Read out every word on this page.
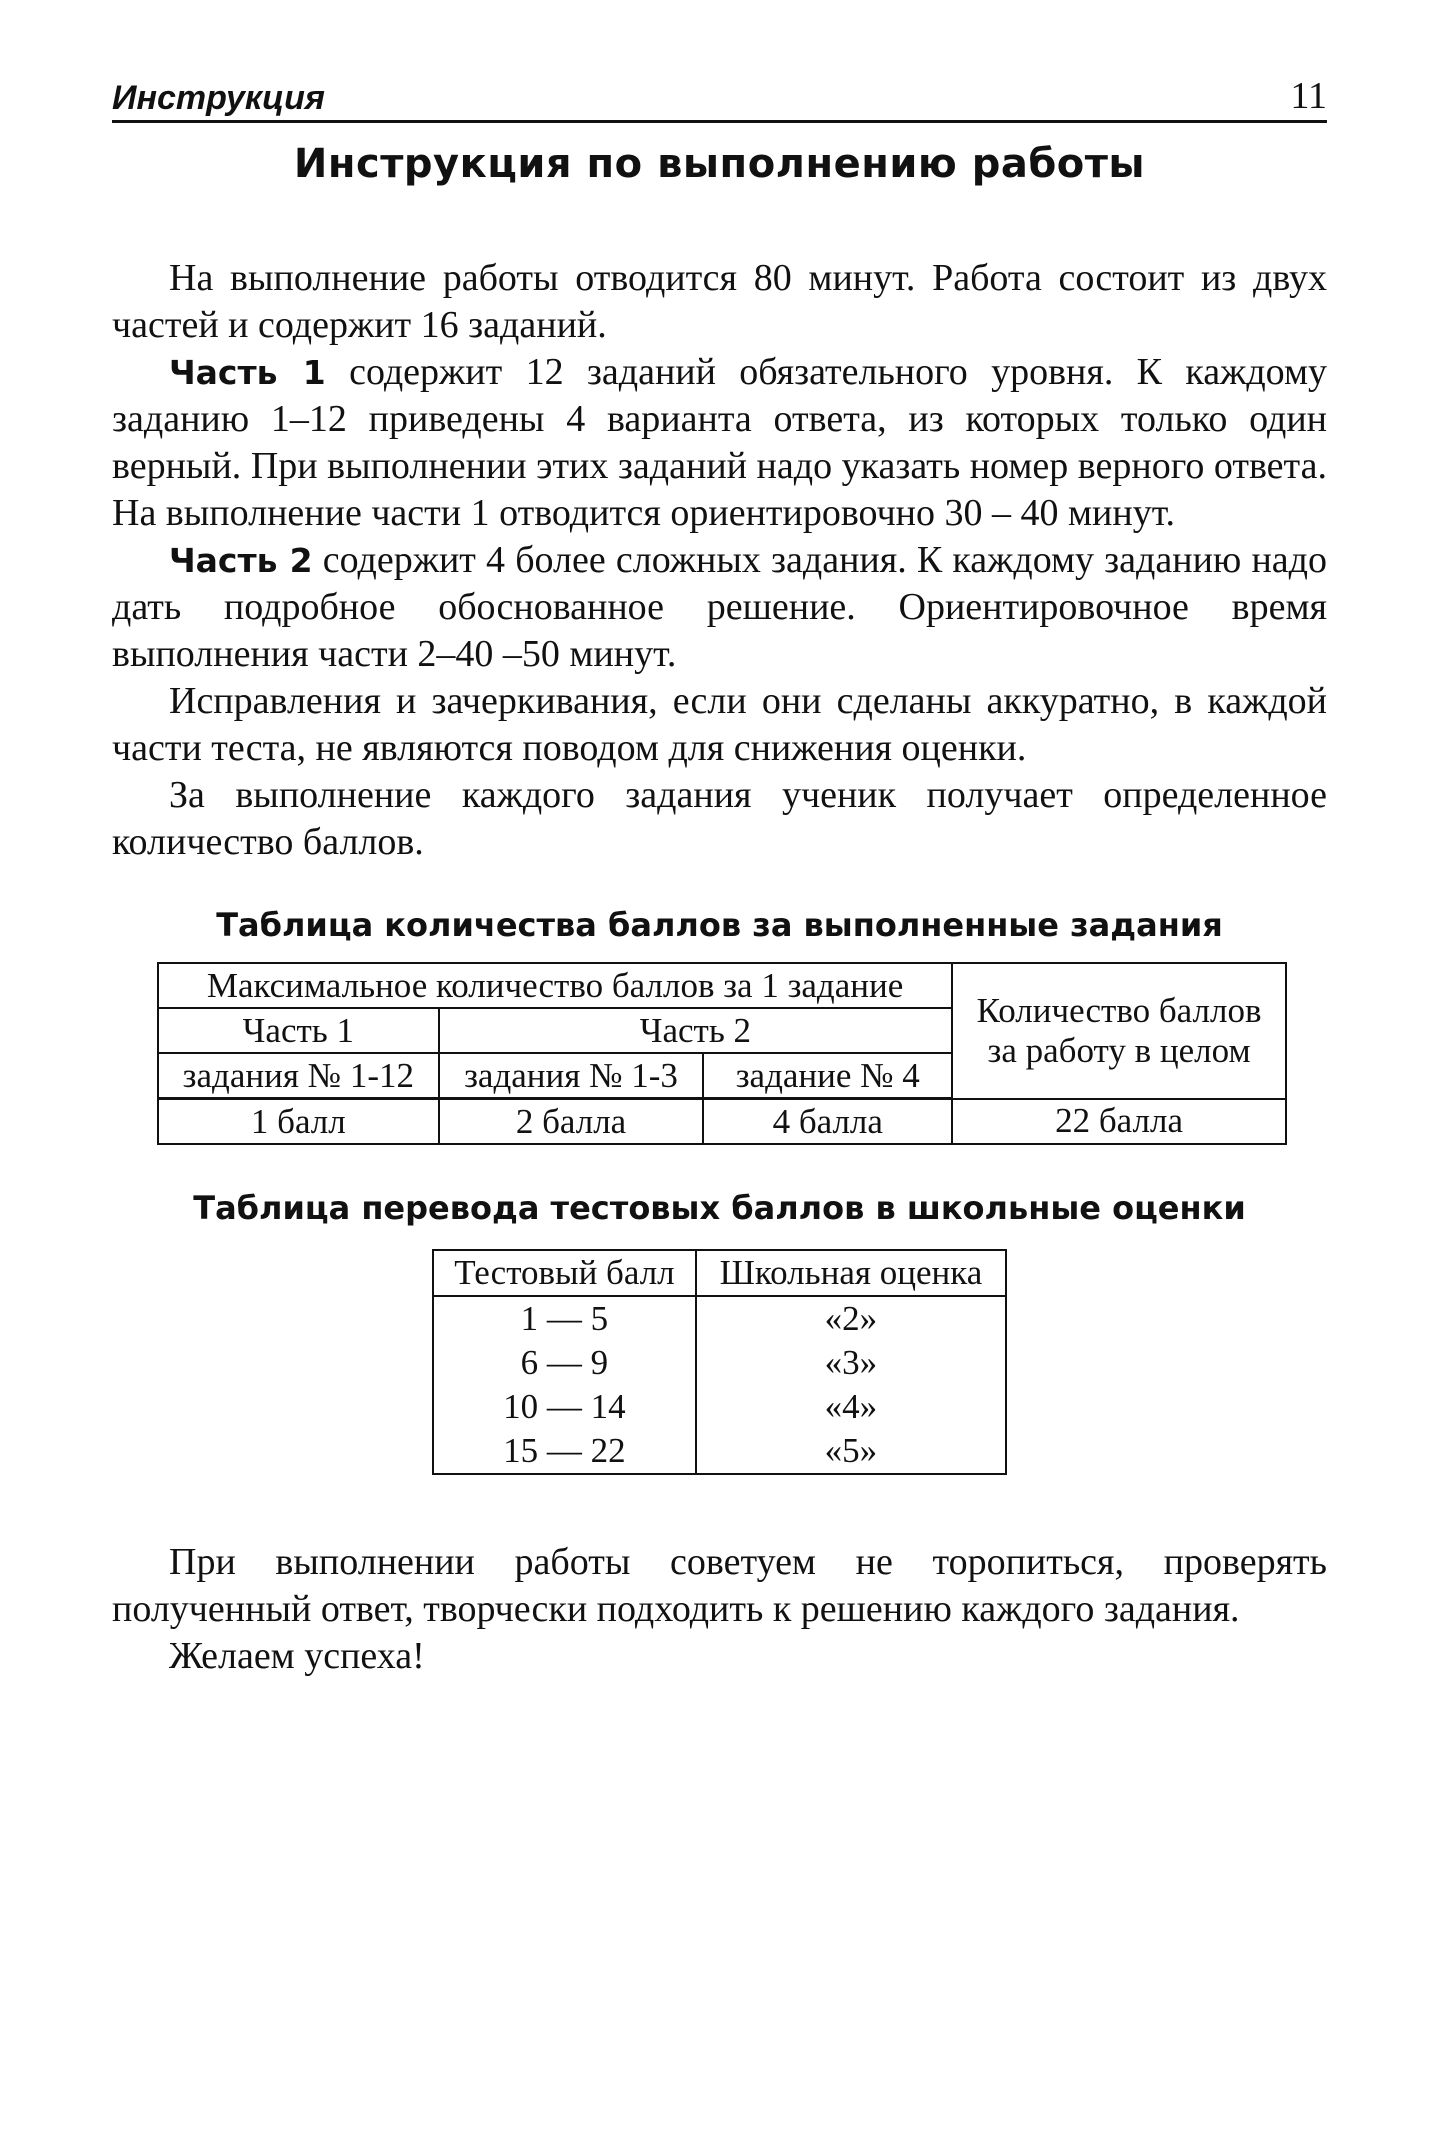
Инструкция	11
Инструкция по выполнению работы

На выполнение работы отводится 80 минут. Работа состоит из двух частей и содержит 16 заданий.

Часть 1 содержит 12 заданий обязательного уровня. К каждому заданию 1–12 приведены 4 варианта ответа, из которых только один верный. При выполнении этих заданий надо указать номер верного ответа. На выполнение части 1 отводится ориентировочно 30 – 40 минут.

Часть 2 содержит 4 более сложных задания. К каждому заданию надо дать подробное обоснованное решение. Ориентировочное время выполнения части 2–40 –50 минут.

Исправления и зачеркивания, если они сделаны аккуратно, в каждой части теста, не являются поводом для снижения оценки.

За выполнение каждого задания ученик получает определенное количество баллов.

Таблица количества баллов за выполненные задания
Максимальное количество баллов за 1 задание			Количество баллов за работу в целом
Часть 1	Часть 2		
задания № 1-12	задания № 1-3	задание № 4	
1 балл	2 балла	4 балла	22 балла
Таблица перевода тестовых баллов в школьные оценки
Тестовый балл	Школьная оценка
1 — 5	«2»
6 — 9	«3»
10 — 14	«4»
15 — 22	«5»

При выполнении работы советуем не торопиться, проверять полученный ответ, творчески подходить к решению каждого задания.

Желаем успеха!
